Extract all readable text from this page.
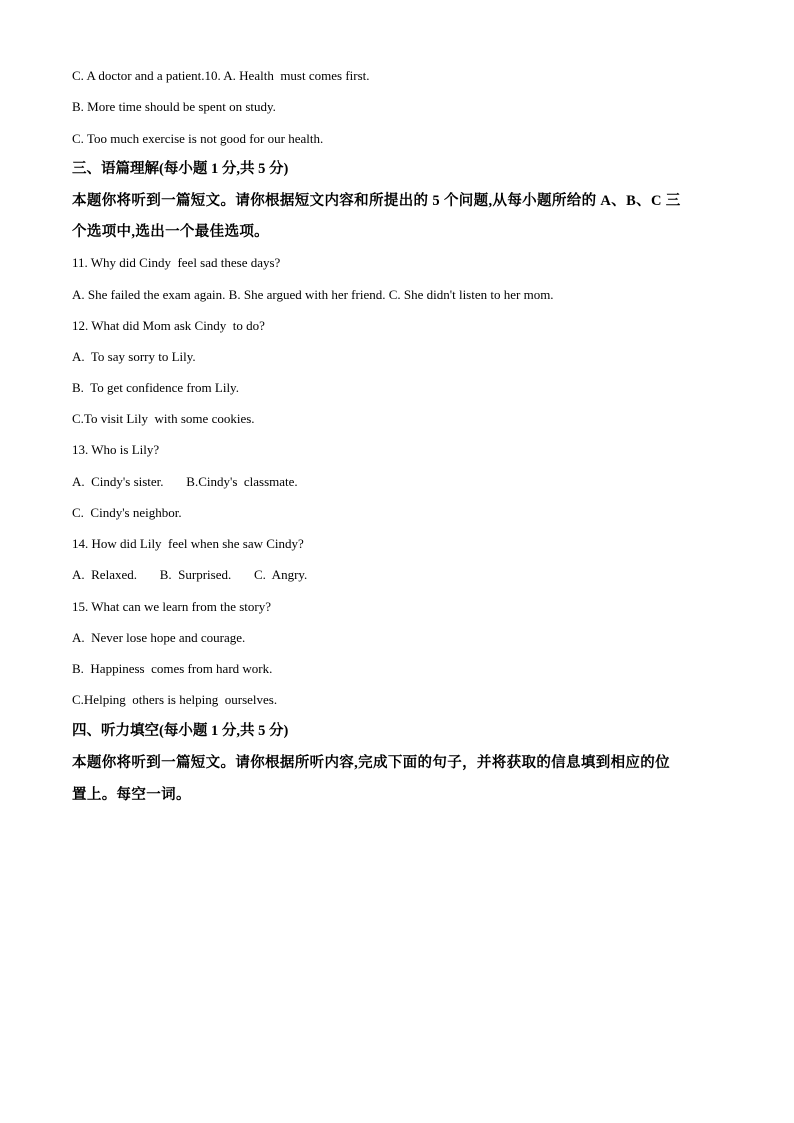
C. A doctor and a patient.10. A. Health  must comes first.
B. More time should be spent on study.
C. Too much exercise is not good for our health.
三、语篇理解(每小题 1 分,共 5 分)
本题你将听到一篇短文。请你根据短文内容和所提出的 5 个问题,从每小题所给的 A、B、C 三
个选项中,选出一个最佳选项。
11. Why did Cindy  feel sad these days?
A. She failed the exam again. B. She argued with her friend. C. She didn't listen to her mom.
12. What did Mom ask Cindy  to do?
A.  To say sorry to Lily.
B.  To get confidence from Lily.
C.To visit Lily  with some cookies.
13. Who is Lily?
A.  Cindy's sister.       B.Cindy's  classmate.
C.  Cindy's neighbor.
14. How did Lily  feel when she saw Cindy?
A.  Relaxed.       B.  Surprised.       C.  Angry.
15. What can we learn from the story?
A.  Never lose hope and courage.
B.  Happiness  comes from hard work.
C.Helping  others is helping  ourselves.
四、听力填空(每小题 1 分,共 5 分)
本题你将听到一篇短文。请你根据所听内容,完成下面的句子，并将获取的信息填到相应的位
置上。每空一词。
